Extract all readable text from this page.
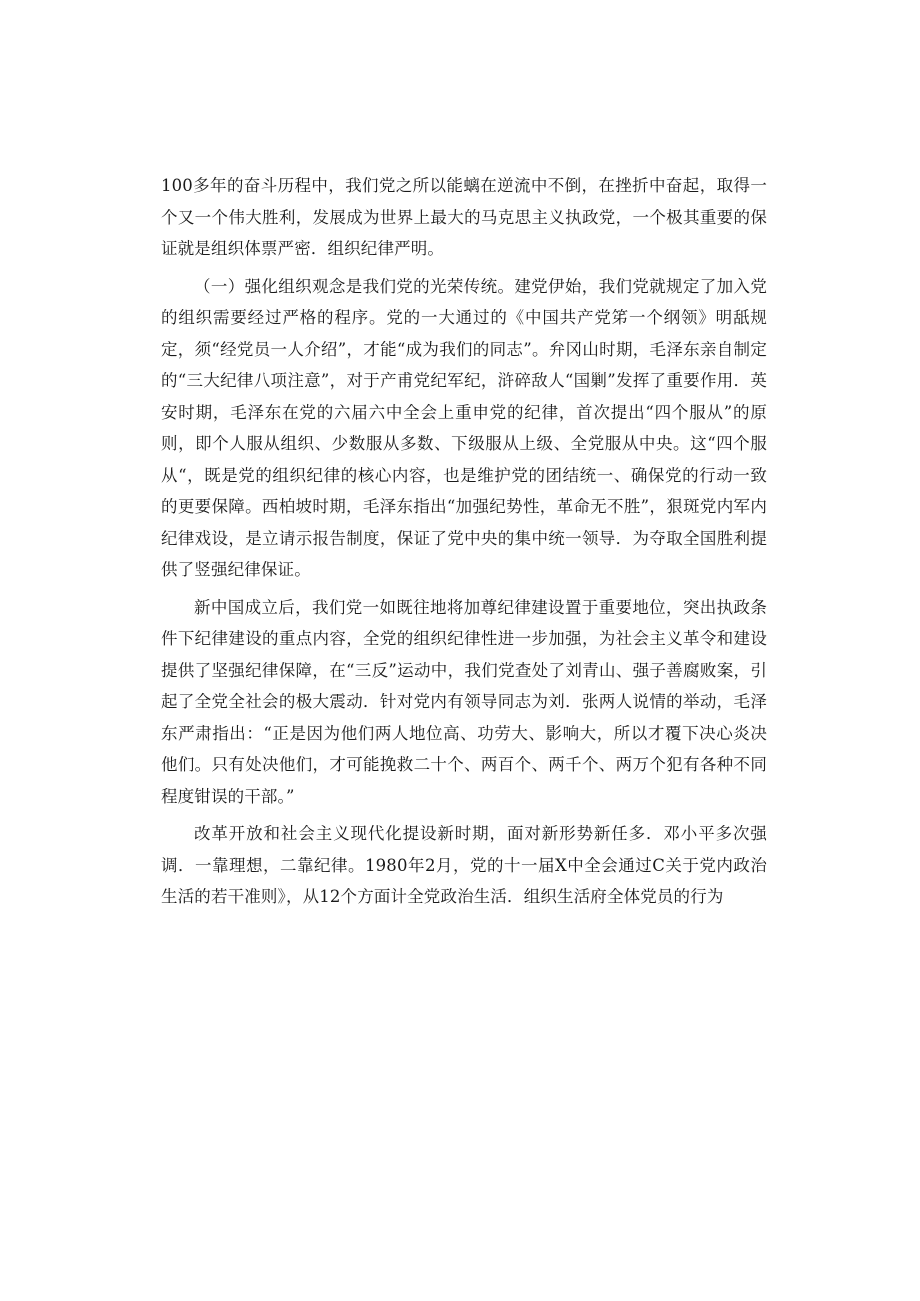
100多年的奋斗历程中，我们党之所以能螭在逆流中不倒，在挫折中奋起，取得一个又一个伟大胜利，发展成为世界上最大的马克思主义执政党，一个极其重要的保证就是组织体票严密．组织纪律严明。

（一）强化组织观念是我们党的光荣传统。建党伊始，我们党就规定了加入党的组织需要经过严格的程序。党的一大通过的《中国共产党笫一个纲领》明舐规定，须“经党员一人介绍”，才能“成为我们的同志”。弁冈山时期，毛泽东亲自制定的“三大纪律八项注意”，对于产甫党纪军纪，浒碎敌人“国剿”发挥了重要作用．英安时期，毛泽东在党的六届六中全会上重申党的纪律，首次提出“四个服从”的原则，即个人服从组织、少数服从多数、下级服从上级、全党服从中央。这“四个服从“，既是党的组织纪律的核心内容，也是维护党的团结统一、确保党的行动一致的更要保障。西柏坡时期，毛泽东指出“加强纪势性，革命无不胜”，狠斑党内军内纪律戏设，是立请示报告制度，保证了党中央的集中统一领导．为夺取全国胜利提供了竖强纪律保证。

新中国成立后，我们党一如既往地将加尊纪律建设置于重要地位，突出执政条件下纪律建设的重点内容，全党的组织纪律性进一步加强，为社会主义革令和建设提供了坚强纪律保障，在“三反”运动中，我们党查处了刘青山、强子善腐败案，引起了全党全社会的极大震动．针对党内有领导同志为刘．张两人说情的举动，毛泽东严肃指出：“正是因为他们两人地位高、功劳大、影响大，所以才覆下决心炎决他们。只有处决他们，才可能挽救二十个、两百个、两千个、两万个犯有各种不同程度钳误的干部。”

改革开放和社会主义现代化提设新时期，面对新形势新任多．邓小平多次强调．一靠理想，二靠纪律。1980年2月，党的十一届X中全会通过C关于党内政治生活的若干准则》，从12个方面计全党政治生活．组织生活府全体党员的行为
